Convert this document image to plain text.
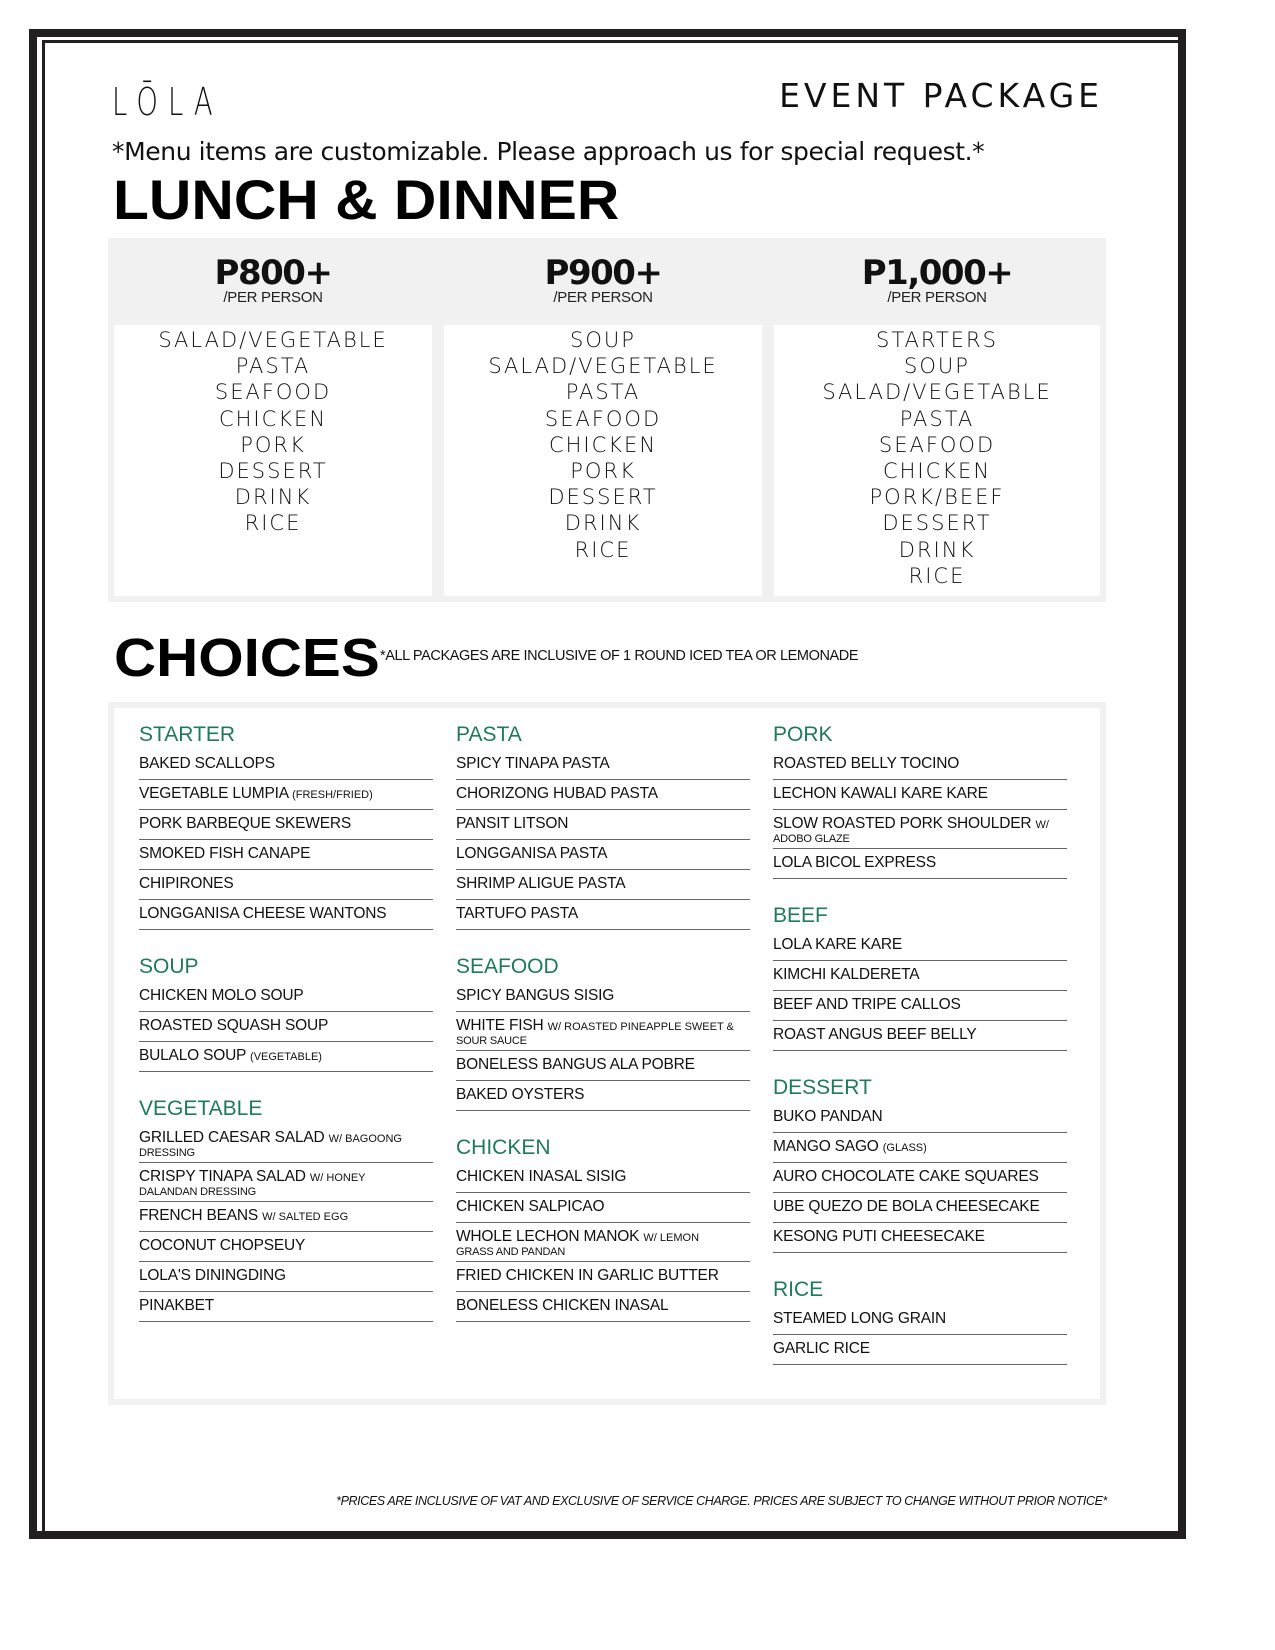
LŌLA	EVENT PACKAGE
*Menu items are customizable. Please approach us for special request.*
LUNCH & DINNER
P800+
/PER PERSON
SALAD/VEGETABLE
PASTA
SEAFOOD
CHICKEN
PORK
DESSERT
DRINK
RICE
P900+
/PER PERSON
SOUP
SALAD/VEGETABLE
PASTA
SEAFOOD
CHICKEN
PORK
DESSERT
DRINK
RICE
P1,000+
/PER PERSON
STARTERS
SOUP
SALAD/VEGETABLE
PASTA
SEAFOOD
CHICKEN
PORK/BEEF
DESSERT
DRINK
RICE
CHOICES *ALL PACKAGES ARE INCLUSIVE OF 1 ROUND ICED TEA OR LEMONADE
STARTER
BAKED SCALLOPS
VEGETABLE LUMPIA (FRESH/FRIED)
PORK BARBEQUE SKEWERS
SMOKED FISH CANAPE
CHIPIRONES
LONGGANISA CHEESE WANTONS
SOUP
CHICKEN MOLO SOUP
ROASTED SQUASH SOUP
BULALO SOUP (VEGETABLE)
VEGETABLE
GRILLED CAESAR SALAD W/ BAGOONG
DRESSING
CRISPY TINAPA SALAD W/ HONEY
DALANDAN DRESSING
FRENCH BEANS W/ SALTED EGG
COCONUT CHOPSEUY
LOLA'S DININGDING
PINAKBET
PASTA
SPICY TINAPA PASTA
CHORIZONG HUBAD PASTA
PANSIT LITSON
LONGGANISA PASTA
SHRIMP ALIGUE PASTA
TARTUFO PASTA
SEAFOOD
SPICY BANGUS SISIG
WHITE FISH W/ ROASTED PINEAPPLE SWEET &
SOUR SAUCE
BONELESS BANGUS ALA POBRE
BAKED OYSTERS
CHICKEN
CHICKEN INASAL SISIG
CHICKEN SALPICAO
WHOLE LECHON MANOK W/ LEMON
GRASS AND PANDAN
FRIED CHICKEN IN GARLIC BUTTER
BONELESS CHICKEN INASAL
PORK
ROASTED BELLY TOCINO
LECHON KAWALI KARE KARE
SLOW ROASTED PORK SHOULDER W/
ADOBO GLAZE
LOLA BICOL EXPRESS
BEEF
LOLA KARE KARE
KIMCHI KALDERETA
BEEF AND TRIPE CALLOS
ROAST ANGUS BEEF BELLY
DESSERT
BUKO PANDAN
MANGO SAGO (GLASS)
AURO CHOCOLATE CAKE SQUARES
UBE QUEZO DE BOLA CHEESECAKE
KESONG PUTI CHEESECAKE
RICE
STEAMED LONG GRAIN
GARLIC RICE
*PRICES ARE INCLUSIVE OF VAT AND EXCLUSIVE OF SERVICE CHARGE. PRICES ARE SUBJECT TO CHANGE WITHOUT PRIOR NOTICE*
